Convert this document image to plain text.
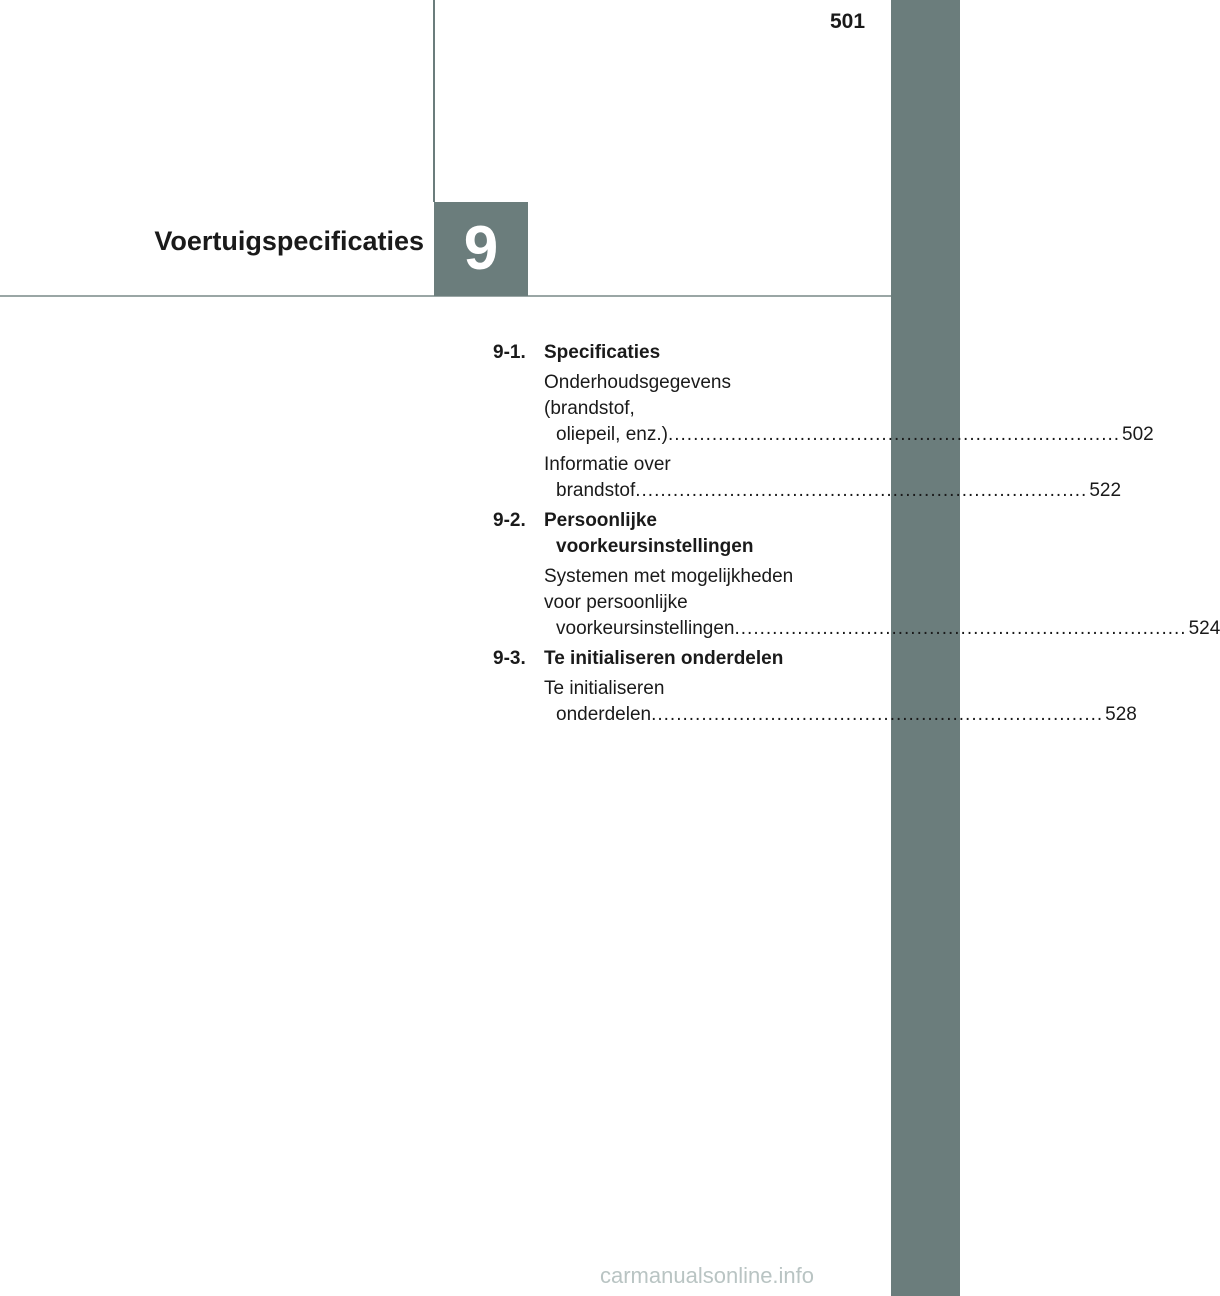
501
Voertuigspecificaties 9
9-1. Specificaties
Onderhoudsgegevens
(brandstof,
oliepeil, enz.) ........................................................................ 502
Informatie over
brandstof ........................................................................ 522
9-2. Persoonlijke voorkeursinstellingen
Systemen met mogelijkheden
voor persoonlijke
voorkeursinstellingen ........................................................................ 524
9-3. Te initialiseren onderdelen
Te initialiseren
onderdelen ........................................................................ 528
carmanualsonline.info
